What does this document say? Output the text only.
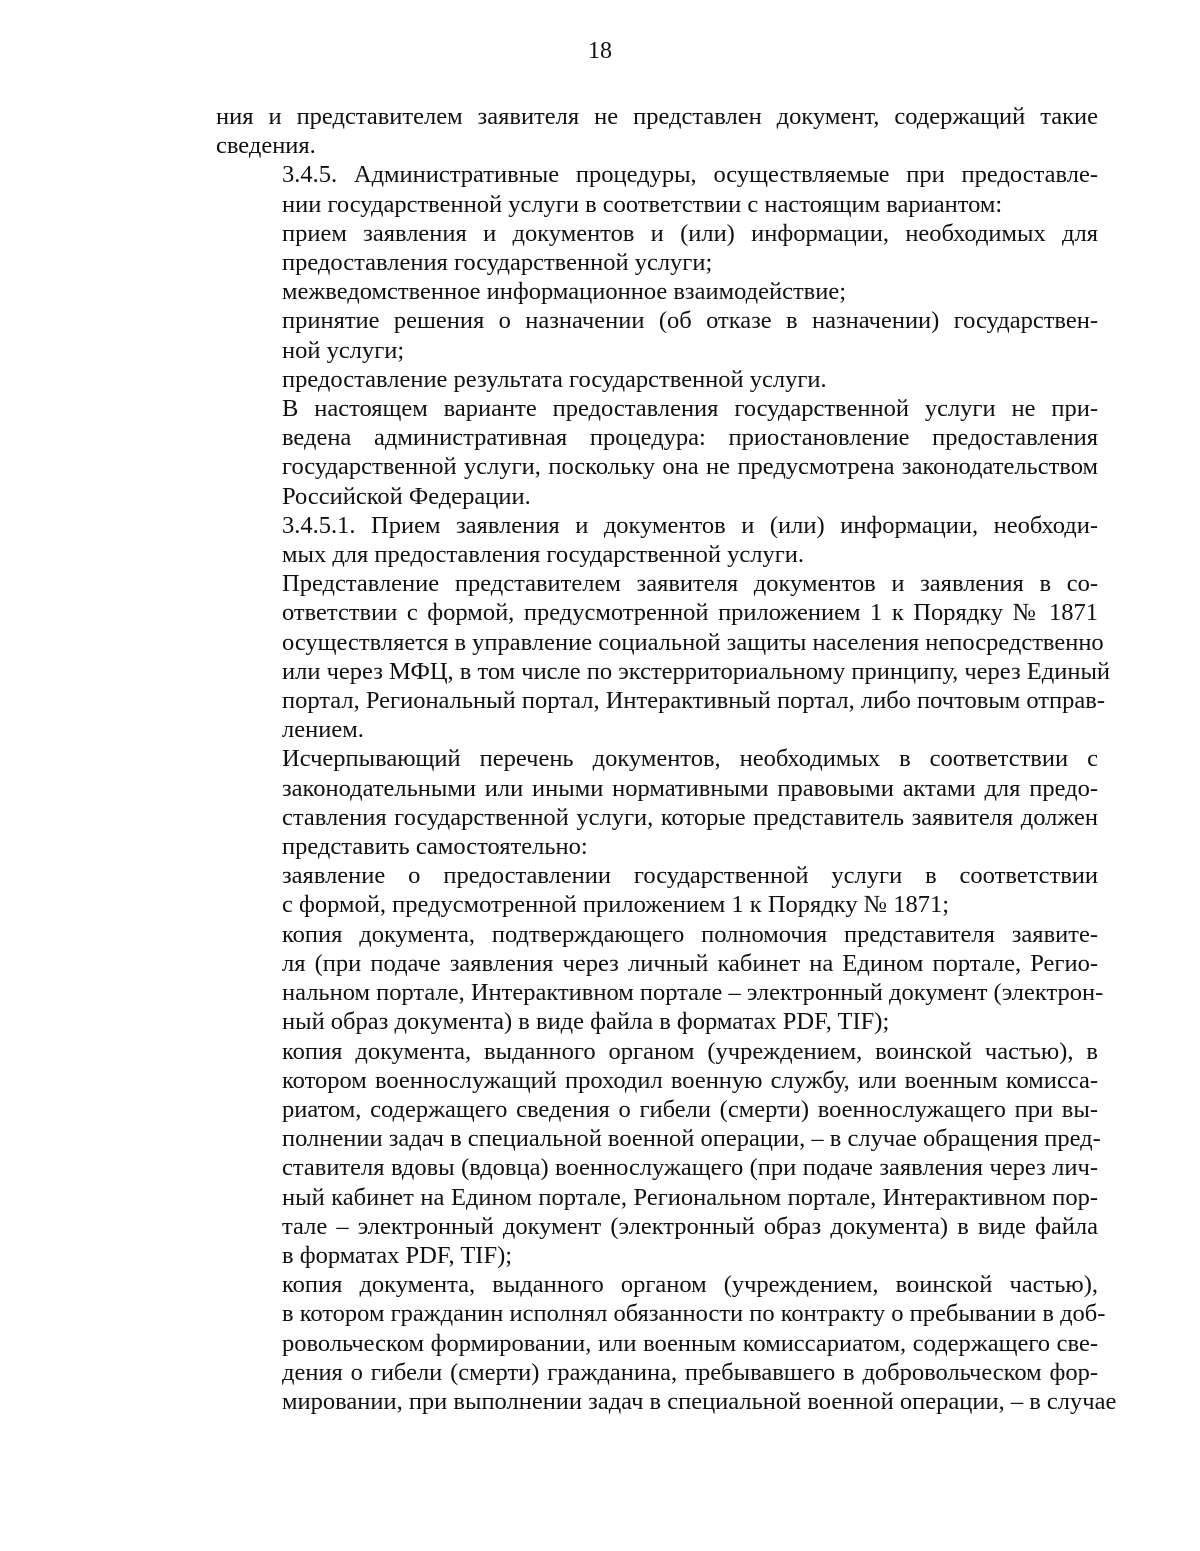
18

ния и представителем заявителя не представлен документ, содержащий такие
сведения.

3.4.5. Административные процедуры, осуществляемые при предоставле-
нии государственной услуги в соответствии с настоящим вариантом:

прием заявления и документов и (или) информации, необходимых для
предоставления государственной услуги;

межведомственное информационное взаимодействие;

принятие решения о назначении (об отказе в назначении) государствен-
ной услуги;

предоставление результата государственной услуги.

В настоящем варианте предоставления государственной услуги не при-
ведена административная процедура: приостановление предоставления
государственной услуги, поскольку она не предусмотрена законодательством
Российской Федерации.

3.4.5.1. Прием заявления и документов и (или) информации, необходи-
мых для предоставления государственной услуги.

Представление представителем заявителя документов и заявления в со-
ответствии с формой, предусмотренной приложением 1 к Порядку № 1871
осуществляется в управление социальной защиты населения непосредственно
или через МФЦ, в том числе по экстерриториальному принципу, через Единый
портал, Региональный портал, Интерактивный портал, либо почтовым отправ-
лением.

Исчерпывающий перечень документов, необходимых в соответствии с
законодательными или иными нормативными правовыми актами для предо-
ставления государственной услуги, которые представитель заявителя должен
представить самостоятельно:

заявление о предоставлении государственной услуги в соответствии
с формой, предусмотренной приложением 1 к Порядку № 1871;

копия документа, подтверждающего полномочия представителя заявите-
ля (при подаче заявления через личный кабинет на Едином портале, Регио-
нальном портале, Интерактивном портале – электронный документ (электрон-
ный образ документа) в виде файла в форматах PDF, TIF);

копия документа, выданного органом (учреждением, воинской частью), в
котором военнослужащий проходил военную службу, или военным комисса-
риатом, содержащего сведения о гибели (смерти) военнослужащего при вы-
полнении задач в специальной военной операции, – в случае обращения пред-
ставителя вдовы (вдовца) военнослужащего (при подаче заявления через лич-
ный кабинет на Едином портале, Региональном портале, Интерактивном пор-
тале – электронный документ (электронный образ документа) в виде файла
в форматах PDF, TIF);

копия документа, выданного органом (учреждением, воинской частью),
в котором гражданин исполнял обязанности по контракту о пребывании в доб-
ровольческом формировании, или военным комиссариатом, содержащего све-
дения о гибели (смерти) гражданина, пребывавшего в добровольческом фор-
мировании, при выполнении задач в специальной военной операции, – в случае
